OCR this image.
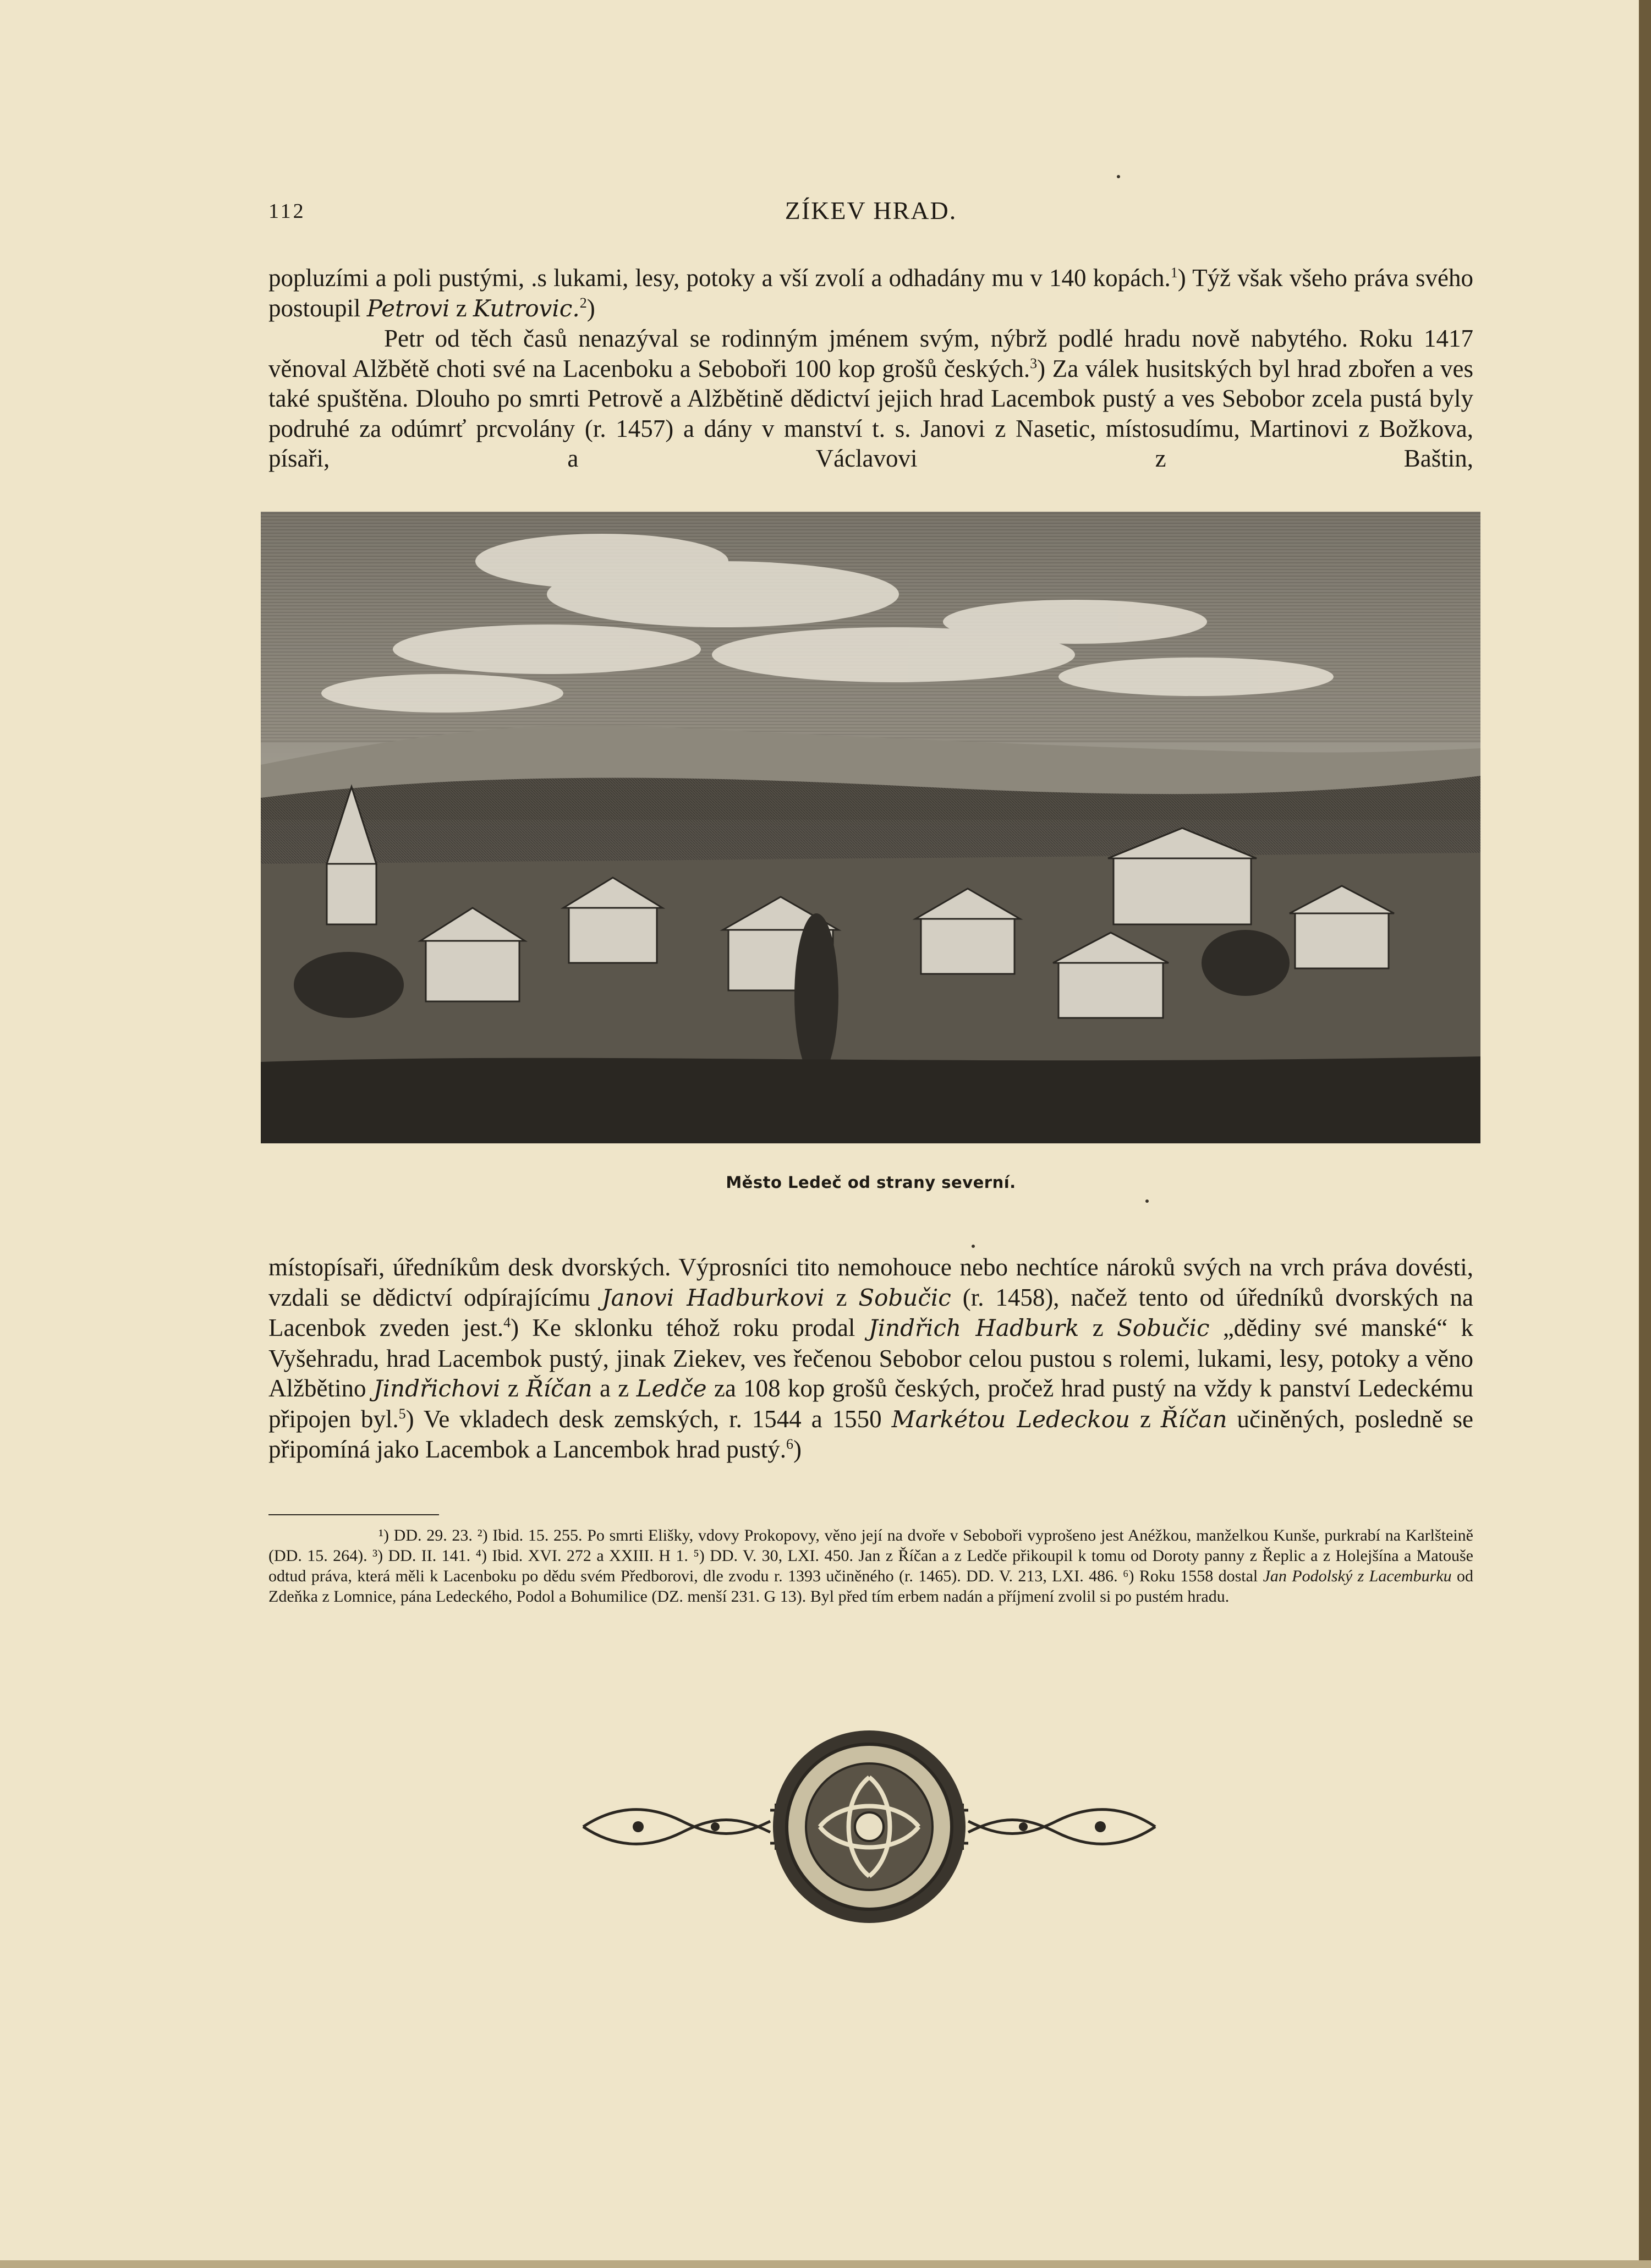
112	ZÍKEV HRAD.

popluzími a poli pustými, .s lukami, lesy, potoky a vší zvolí a odhadány mu v 140 kopách.$^1$) Týž však všeho práva svého postoupil Petrovi z Kutrovic.$^2$)

Petr od těch časů nenazýval se rodinným jménem svým, nýbrž podlé hradu nově nabytého. Roku 1417 věnoval Alžbětě choti své na Lacenboku a Seboboři 100 kop grošů českých.$^3$) Za válek husitských byl hrad zbořen a ves také spuštěna. Dlouho po smrti Petrově a Alžbětině dědictví jejich hrad Lacembok pustý a ves Sebobor zcela pustá byly podruhé za odúmrť prcvolány (r. 1457) a dány v manství t. s. Janovi z Nasetic, místosudímu, Martinovi z Božkova, písaři, a Václavovi z Baštin,

Město Ledeč od strany severní.

místopísaři, úředníkům desk dvorských. Výprosníci tito nemohouce nebo nechtíce nároků svých na vrch práva dovésti, vzdali se dědictví odpírajícímu Janovi Hadburkovi z Sobučic (r. 1458), načež tento od úředníků dvorských na Lacenbok zveden jest.$^4$) Ke sklonku téhož roku prodal Jindřich Hadburk z Sobučic „dědiny své manské“ k Vyšehradu, hrad Lacembok pustý, jinak Ziekev, ves řečenou Sebobor celou pustou s rolemi, lukami, lesy, potoky a věno Alžbětino Jindřichovi z Říčan a z Ledče za 108 kop grošů českých, pročež hrad pustý na vždy k panství Ledeckému připojen byl.$^5$) Ve vkladech desk zemských, r. 1544 a 1550 Markétou Ledeckou z Říčan učiněných, posledně se připomíná jako Lacembok a Lancembok hrad pustý.$^6$)

¹) DD. 29. 23. ²) Ibid. 15. 255. Po smrti Elišky, vdovy Prokopovy, věno její na dvoře v Seboboři vyprošeno jest Anéžkou, manželkou Kunše, purkrabí na Karlšteině (DD. 15. 264). ³) DD. II. 141. ⁴) Ibid. XVI. 272 a XXIII. H 1. ⁵) DD. V. 30, LXI. 450. Jan z Říčan a z Ledče přikoupil k tomu od Doroty panny z Řeplic a z Holejšína a Matouše odtud práva, která měli k Lacenboku po dědu svém Předborovi, dle zvodu r. 1393 učiněného (r. 1465). DD. V. 213, LXI. 486. ⁶) Roku 1558 dostal Jan Podolský z Lacemburku od Zdeňka z Lomnice, pána Ledeckého, Podol a Bohumilice (DZ. menší 231. G 13). Byl před tím erbem nadán a příjmení zvolil si po pustém hradu.
